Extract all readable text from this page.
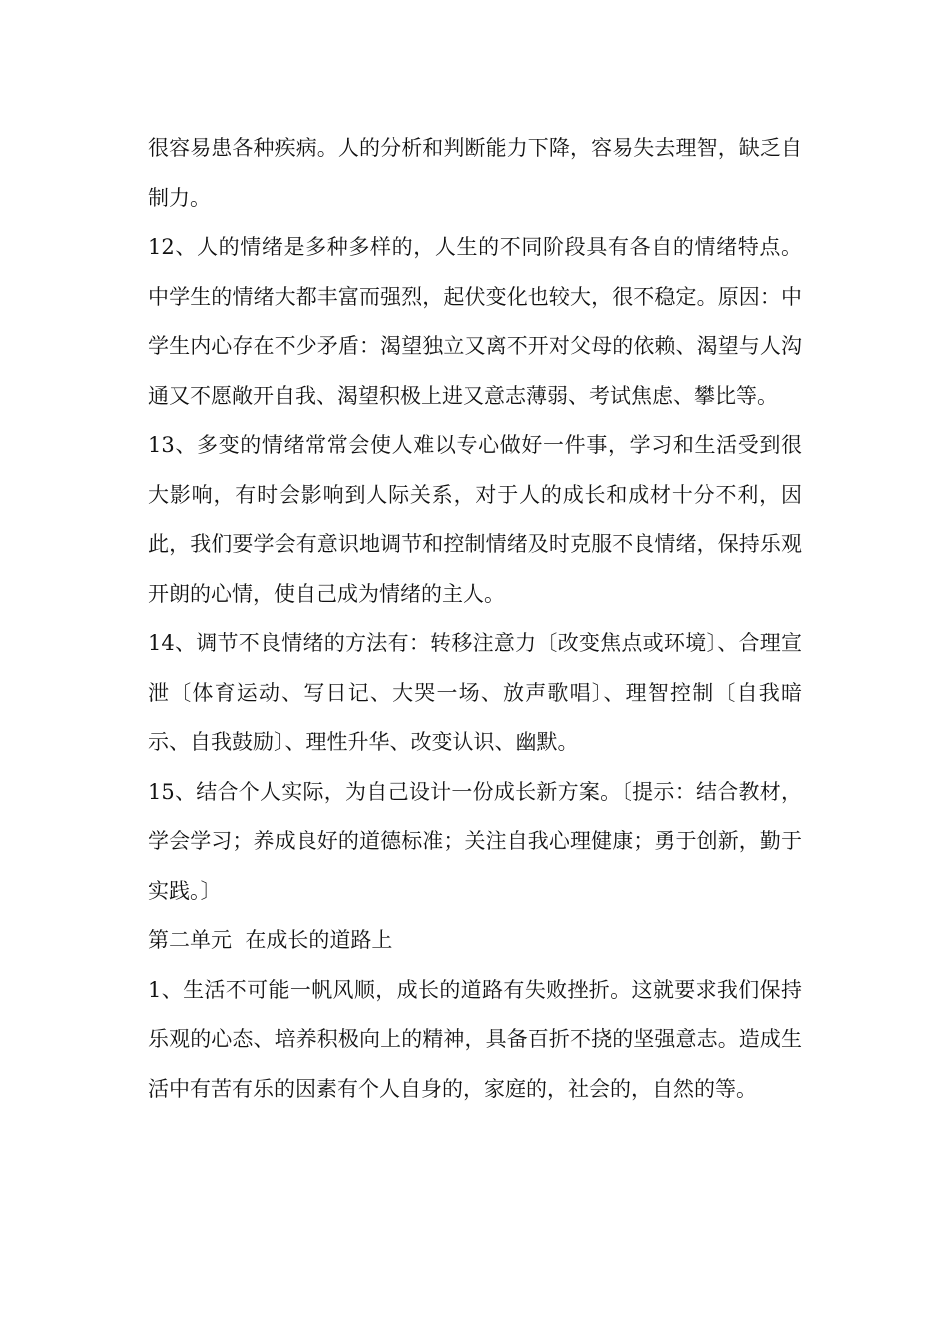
很容易患各种疾病。人的分析和判断能力下降，容易失去理智，缺乏自制力。

12、人的情绪是多种多样的，人生的不同阶段具有各自的情绪特点。中学生的情绪大都丰富而强烈，起伏变化也较大，很不稳定。原因：中学生内心存在不少矛盾：渴望独立又离不开对父母的依赖、渴望与人沟通又不愿敞开自我、渴望积极上进又意志薄弱、考试焦虑、攀比等。

13、多变的情绪常常会使人难以专心做好一件事，学习和生活受到很大影响，有时会影响到人际关系，对于人的成长和成材十分不利，因此，我们要学会有意识地调节和控制情绪及时克服不良情绪，保持乐观开朗的心情，使自己成为情绪的主人。

14、调节不良情绪的方法有：转移注意力〔改变焦点或环境〕、合理宣泄〔体育运动、写日记、大哭一场、放声歌唱〕、理智控制〔自我暗示、自我鼓励〕、理性升华、改变认识、幽默。

15、结合个人实际，为自己设计一份成长新方案。〔提示：结合教材，学会学习；养成良好的道德标准；关注自我心理健康；勇于创新，勤于实践。〕

第二单元  在成长的道路上

1、生活不可能一帆风顺，成长的道路有失败挫折。这就要求我们保持乐观的心态、培养积极向上的精神，具备百折不挠的坚强意志。造成生活中有苦有乐的因素有个人自身的，家庭的，社会的，自然的等。
